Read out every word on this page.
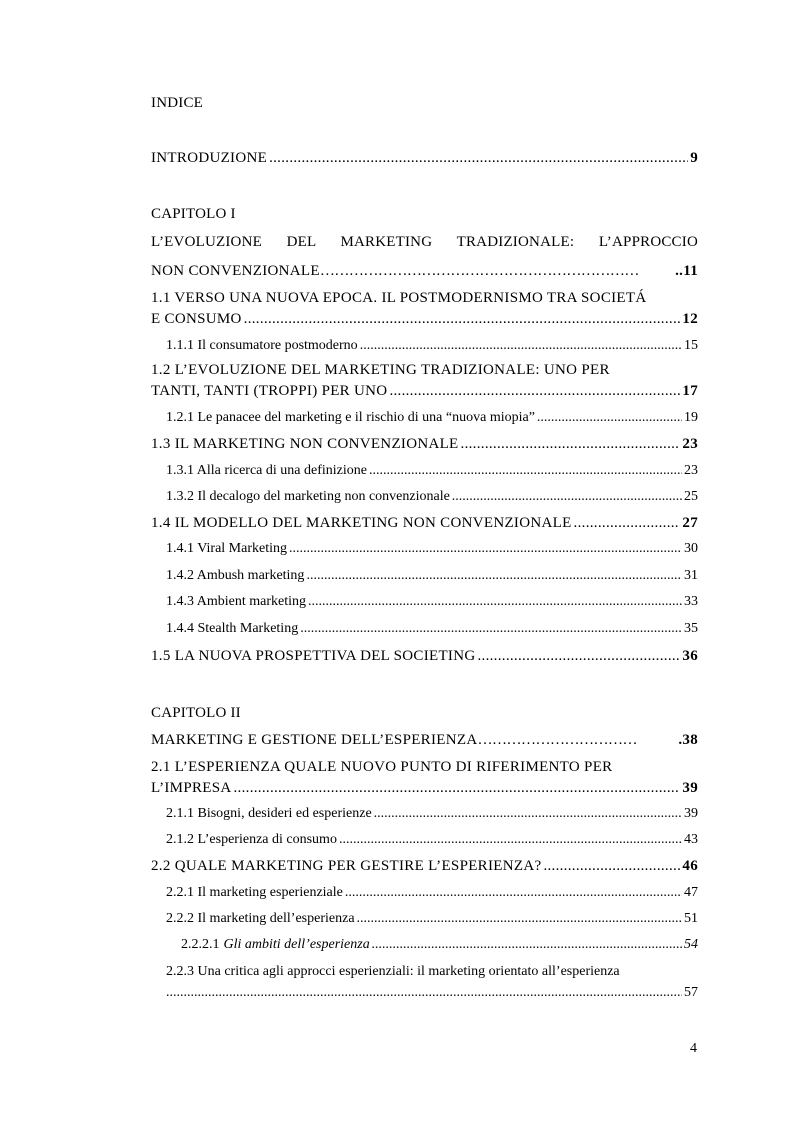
INDICE
INTRODUZIONE .....	9
CAPITOLO I
L’EVOLUZIONE DEL MARKETING TRADIZIONALE: L’APPROCCIO
NON CONVENZIONALE …………………………………………………………	..11
1.1 VERSO UNA NUOVA EPOCA. IL POSTMODERNISMO TRA SOCIETÁ
E CONSUMO .....	12
1.1.1 Il consumatore postmoderno .....	15
1.2 L’EVOLUZIONE DEL MARKETING TRADIZIONALE: UNO PER
TANTI, TANTI (TROPPI) PER UNO .....	17
1.2.1 Le panacee del marketing e il rischio di una “nuova miopia” .....	19
1.3 IL MARKETING NON CONVENZIONALE .....	23
1.3.1 Alla ricerca di una definizione .....	23
1.3.2 Il decalogo del marketing non convenzionale .....	25
1.4 IL MODELLO DEL MARKETING NON CONVENZIONALE .....	27
1.4.1 Viral Marketing .....	30
1.4.2 Ambush marketing .....	31
1.4.3 Ambient marketing .....	33
1.4.4 Stealth Marketing .....	35
1.5 LA NUOVA PROSPETTIVA DEL SOCIETING .....	36
CAPITOLO II
MARKETING E GESTIONE DELL’ESPERIENZA ……………………………	.38
2.1 L’ESPERIENZA QUALE NUOVO PUNTO DI RIFERIMENTO PER
L’IMPRESA .....	39
2.1.1 Bisogni, desideri ed esperienze .....	39
2.1.2 L’esperienza di consumo .....	43
2.2 QUALE MARKETING PER GESTIRE L’ESPERIENZA? .....	46
2.2.1 Il marketing esperienziale .....	47
2.2.2 Il marketing dell’esperienza .....	51
2.2.2.1 Gli ambiti dell’esperienza .....	54
2.2.3 Una critica agli approcci esperienziali: il marketing orientato all’esperienza
.....
57
4
